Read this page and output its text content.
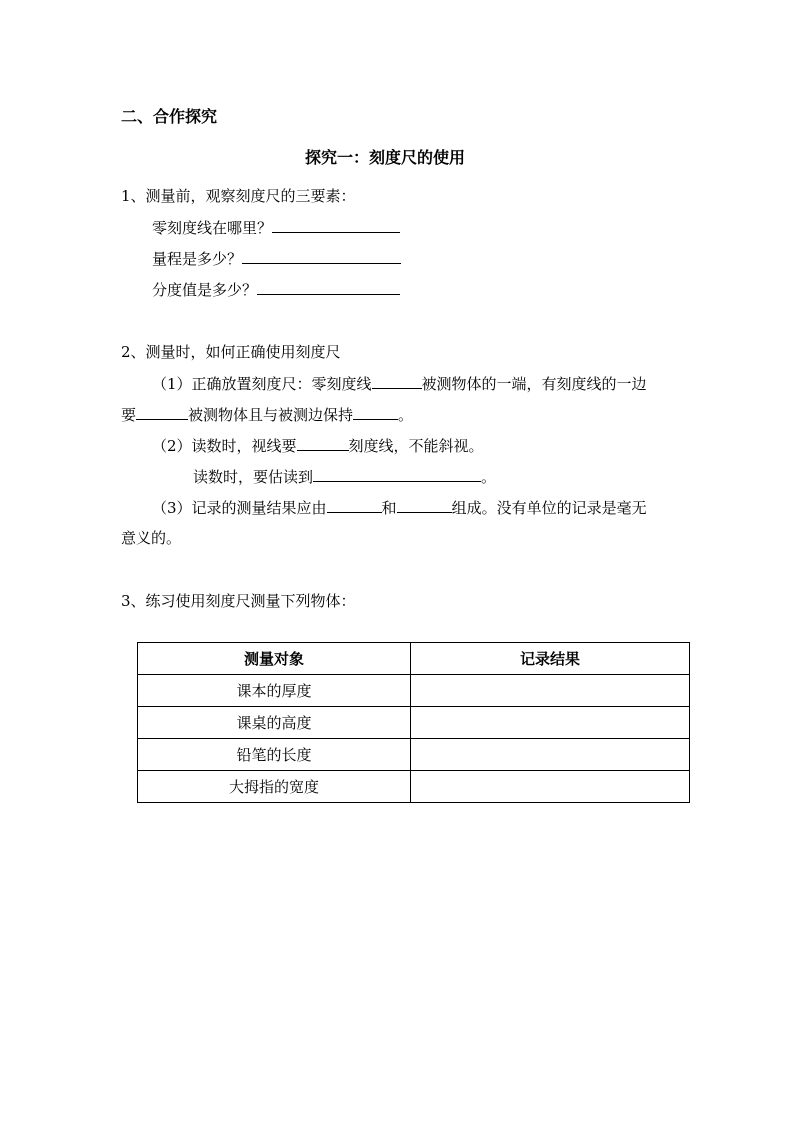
二、合作探究
探究一：刻度尺的使用
1、测量前，观察刻度尺的三要素：
零刻度线在哪里？
量程是多少？
分度值是多少？
2、测量时，如何正确使用刻度尺
（1）正确放置刻度尺：零刻度线	被测物体的一端，有刻度线的一边
要	被测物体且与被测边保持	。
（2）读数时，视线要	刻度线，不能斜视。
读数时，要估读到	。
（3）记录的测量结果应由	和	组成。没有单位的记录是毫无
意义的。
3、练习使用刻度尺测量下列物体：
测量对象	记录结果
课本的厚度	
课桌的高度	
铅笔的长度	
大拇指的宽度	
